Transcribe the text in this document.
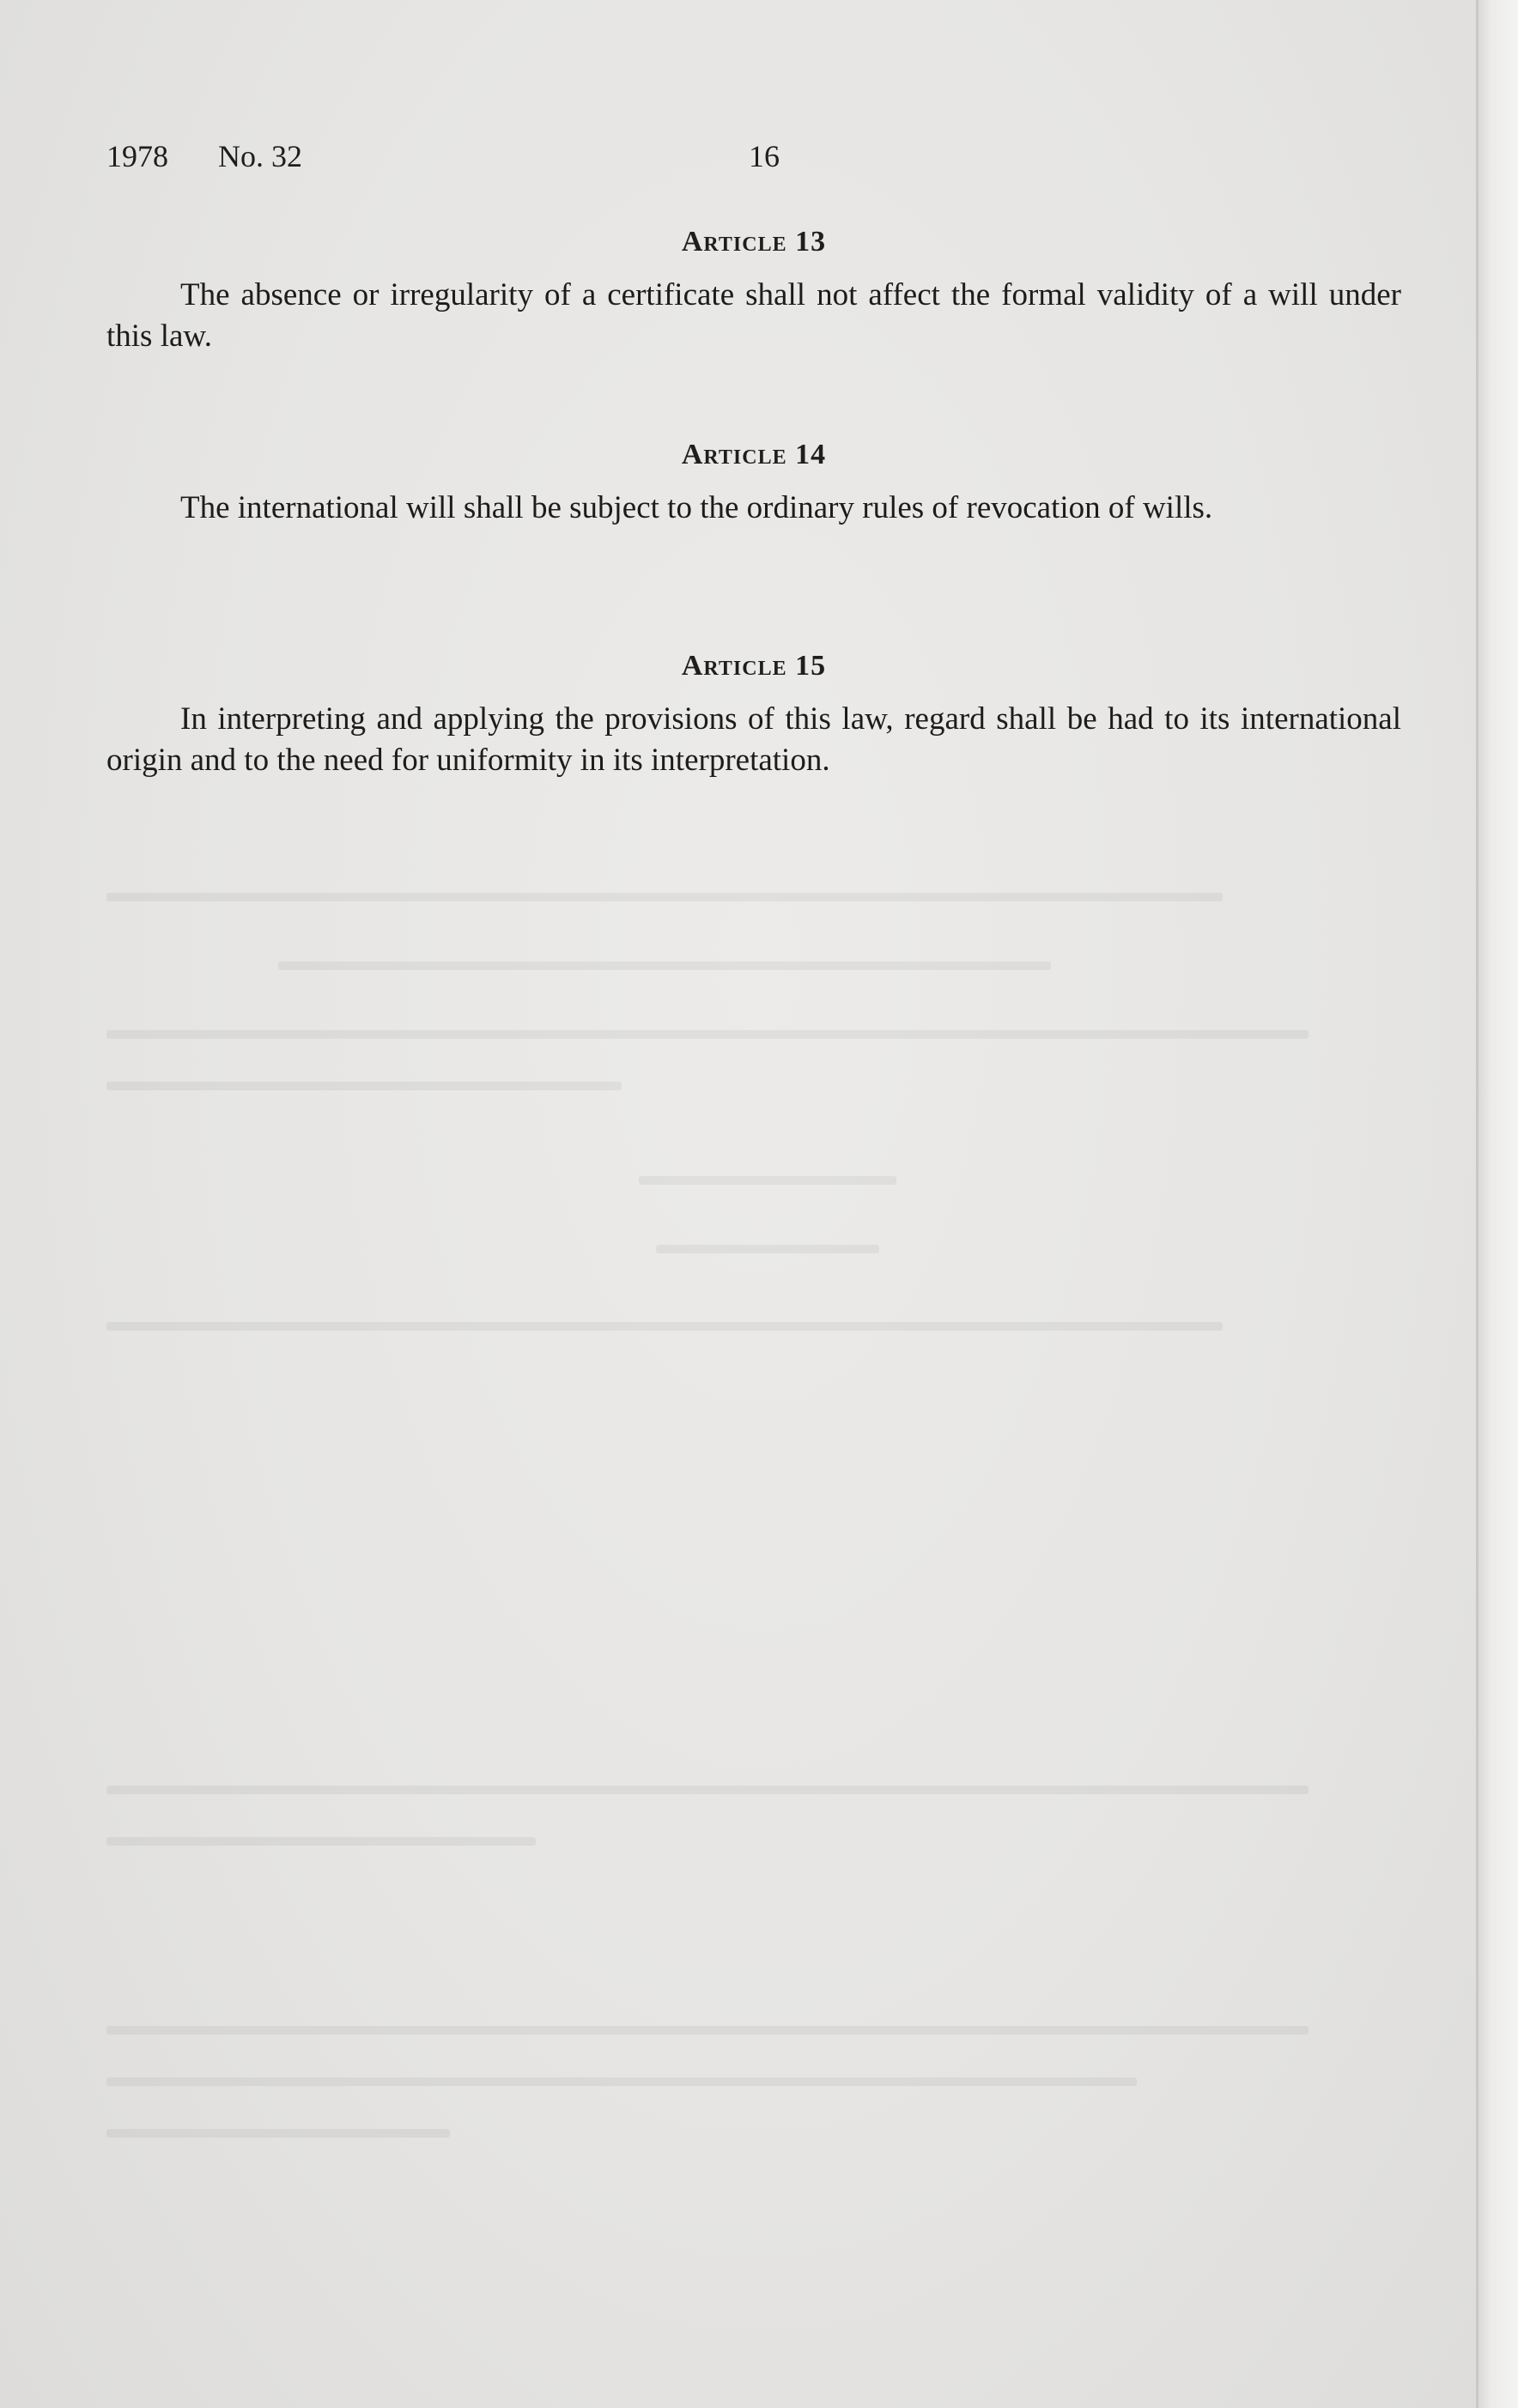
1978 No. 32	16
Article 13

The absence or irregularity of a certificate shall not affect the formal validity of a will under this law.

Article 14

The international will shall be subject to the ordinary rules of revocation of wills.

Article 15

In interpreting and applying the provisions of this law, regard shall be had to its international origin and to the need for uniformity in its interpretation.
